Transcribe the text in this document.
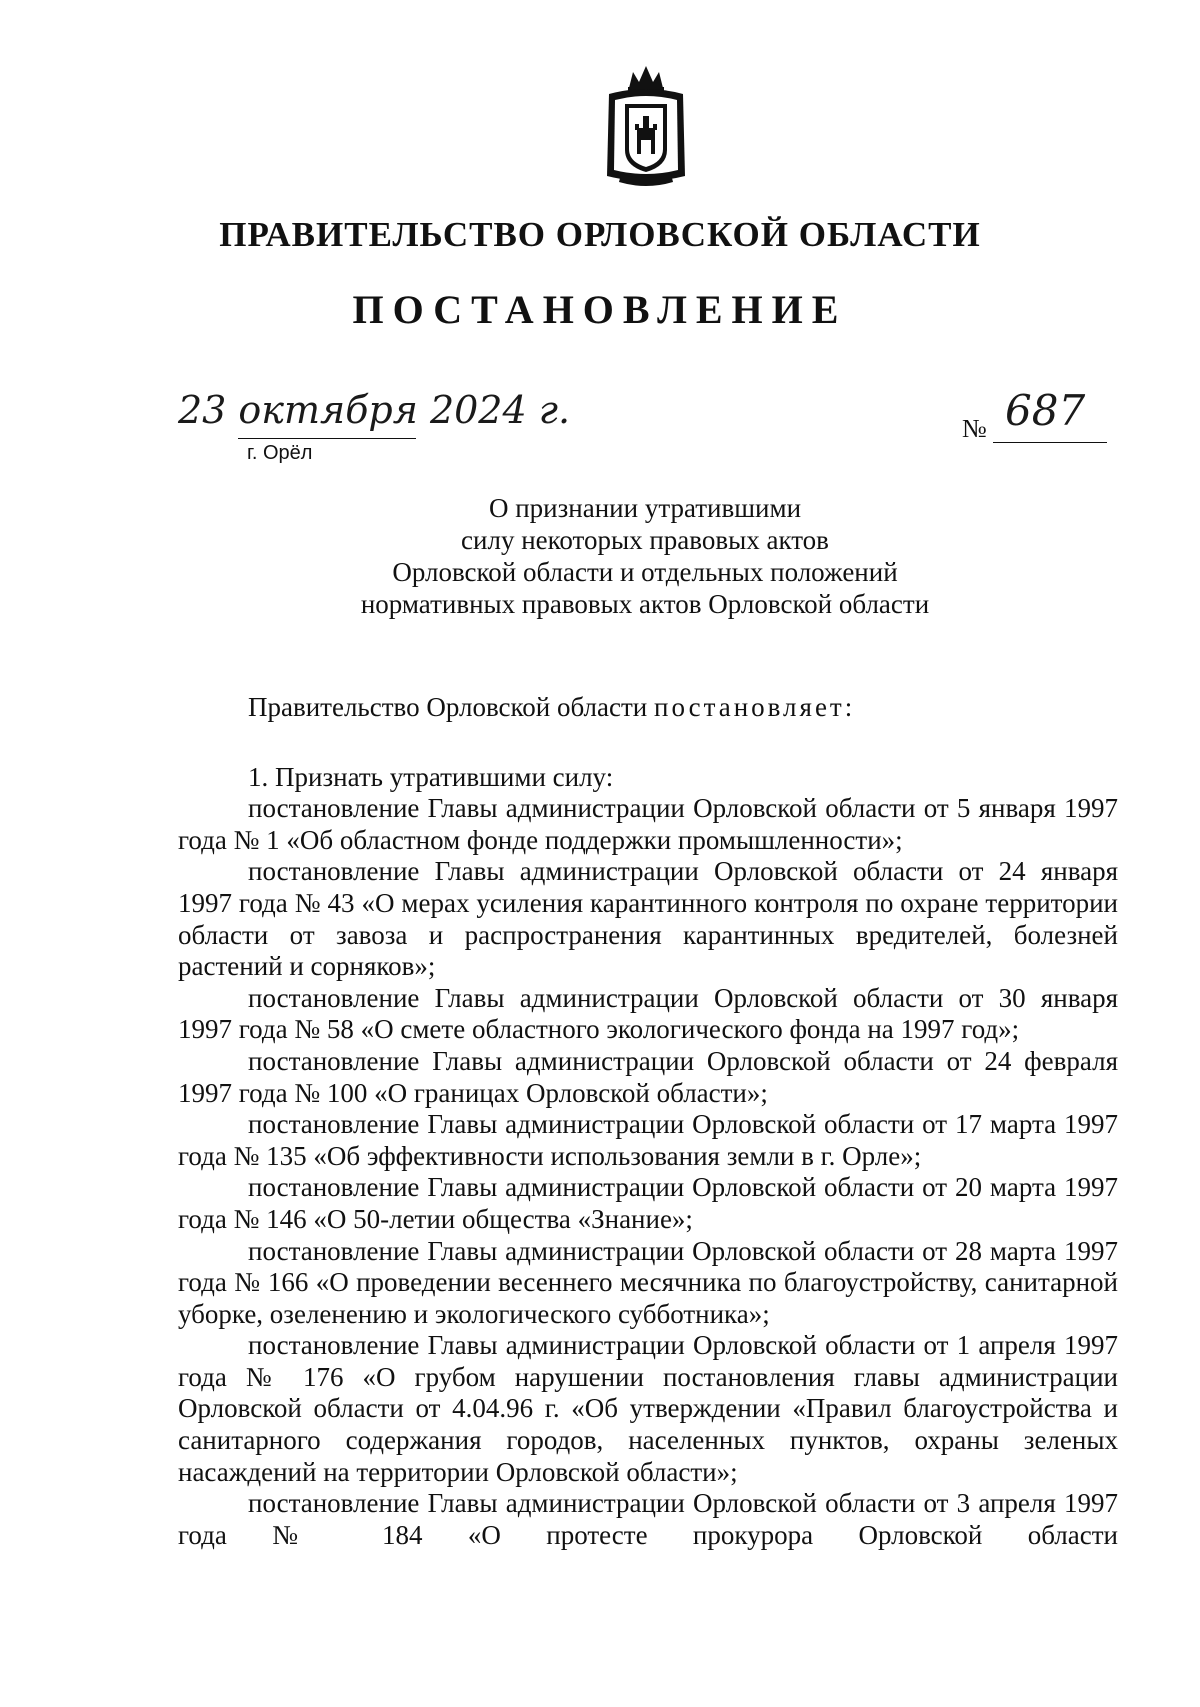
ПРАВИТЕЛЬСТВО ОРЛОВСКОЙ ОБЛАСТИ
ПОСТАНОВЛЕНИЕ
23 октября 2024 г.
г. Орёл
№ 687
О признании утратившими
силу некоторых правовых актов
Орловской области и отдельных положений
нормативных правовых актов Орловской области
Правительство Орловской области постановляет:
1. Признать утратившими силу:

постановление Главы администрации Орловской области от 5 января 1997 года № 1 «Об областном фонде поддержки промышленности»;

постановление Главы администрации Орловской области от 24 января 1997 года № 43 «О мерах усиления карантинного контроля по охране территории области от завоза и распространения карантинных вредителей, болезней растений и сорняков»;

постановление Главы администрации Орловской области от 30 января 1997 года № 58 «О смете областного экологического фонда на 1997 год»;

постановление Главы администрации Орловской области от 24 февраля 1997 года № 100 «О границах Орловской области»;

постановление Главы администрации Орловской области от 17 марта 1997 года № 135 «Об эффективности использования земли в г. Орле»;

постановление Главы администрации Орловской области от 20 марта 1997 года № 146 «О 50-летии общества «Знание»;

постановление Главы администрации Орловской области от 28 марта 1997 года № 166 «О проведении весеннего месячника по благоустройству, санитарной уборке, озеленению и экологического субботника»;

постановление Главы администрации Орловской области от 1 апреля 1997 года № 176 «О грубом нарушении постановления главы администрации Орловской области от 4.04.96 г. «Об утверждении «Правил благоустройства и санитарного содержания городов, населенных пунктов, охраны зеленых насаждений на территории Орловской области»;

постановление Главы администрации Орловской области от 3 апреля 1997 года № 184 «О протесте прокурора Орловской области
